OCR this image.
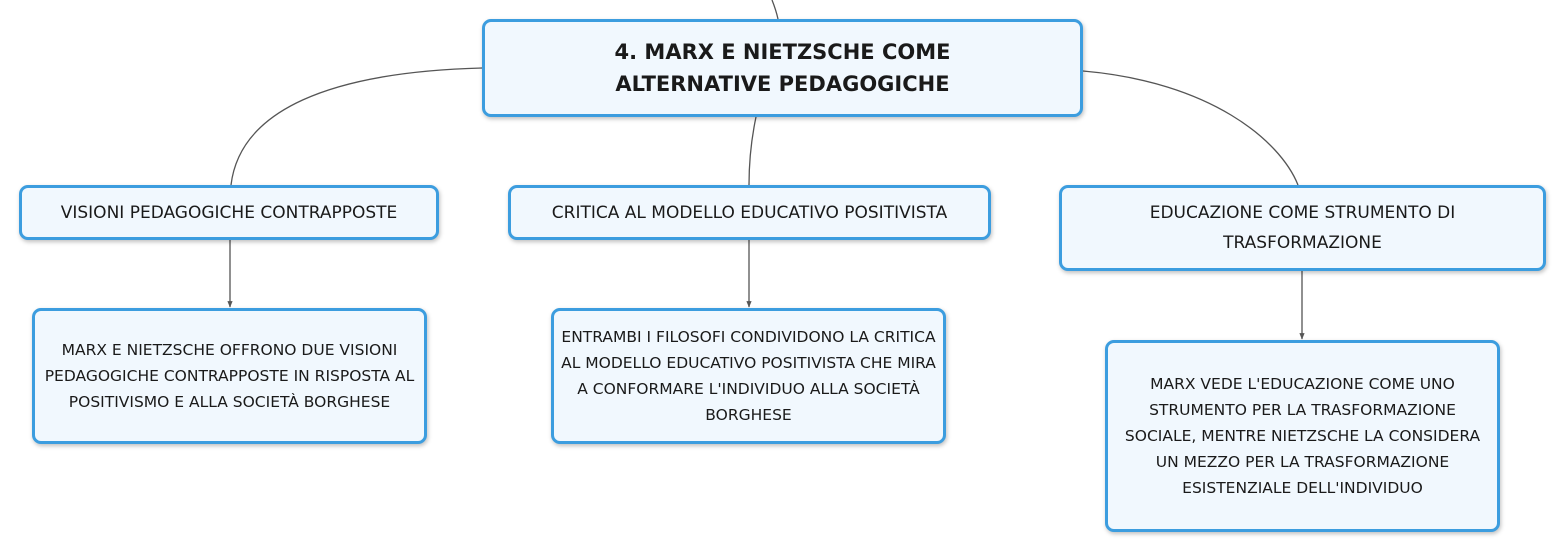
4. MARX E NIETZSCHE COME ALTERNATIVE PEDAGOGICHE
VISIONI PEDAGOGICHE CONTRAPPOSTE	CRITICA AL MODELLO EDUCATIVO POSITIVISTA	EDUCAZIONE COME STRUMENTO DI TRASFORMAZIONE
MARX E NIETZSCHE OFFRONO DUE VISIONI PEDAGOGICHE CONTRAPPOSTE IN RISPOSTA AL POSITIVISMO E ALLA SOCIETÀ BORGHESE
ENTRAMBI I FILOSOFI CONDIVIDONO LA CRITICA AL MODELLO EDUCATIVO POSITIVISTA CHE MIRA A CONFORMARE L'INDIVIDUO ALLA SOCIETÀ BORGHESE
MARX VEDE L'EDUCAZIONE COME UNO STRUMENTO PER LA TRASFORMAZIONE SOCIALE, MENTRE NIETZSCHE LA CONSIDERA UN MEZZO PER LA TRASFORMAZIONE ESISTENZIALE DELL'INDIVIDUO
